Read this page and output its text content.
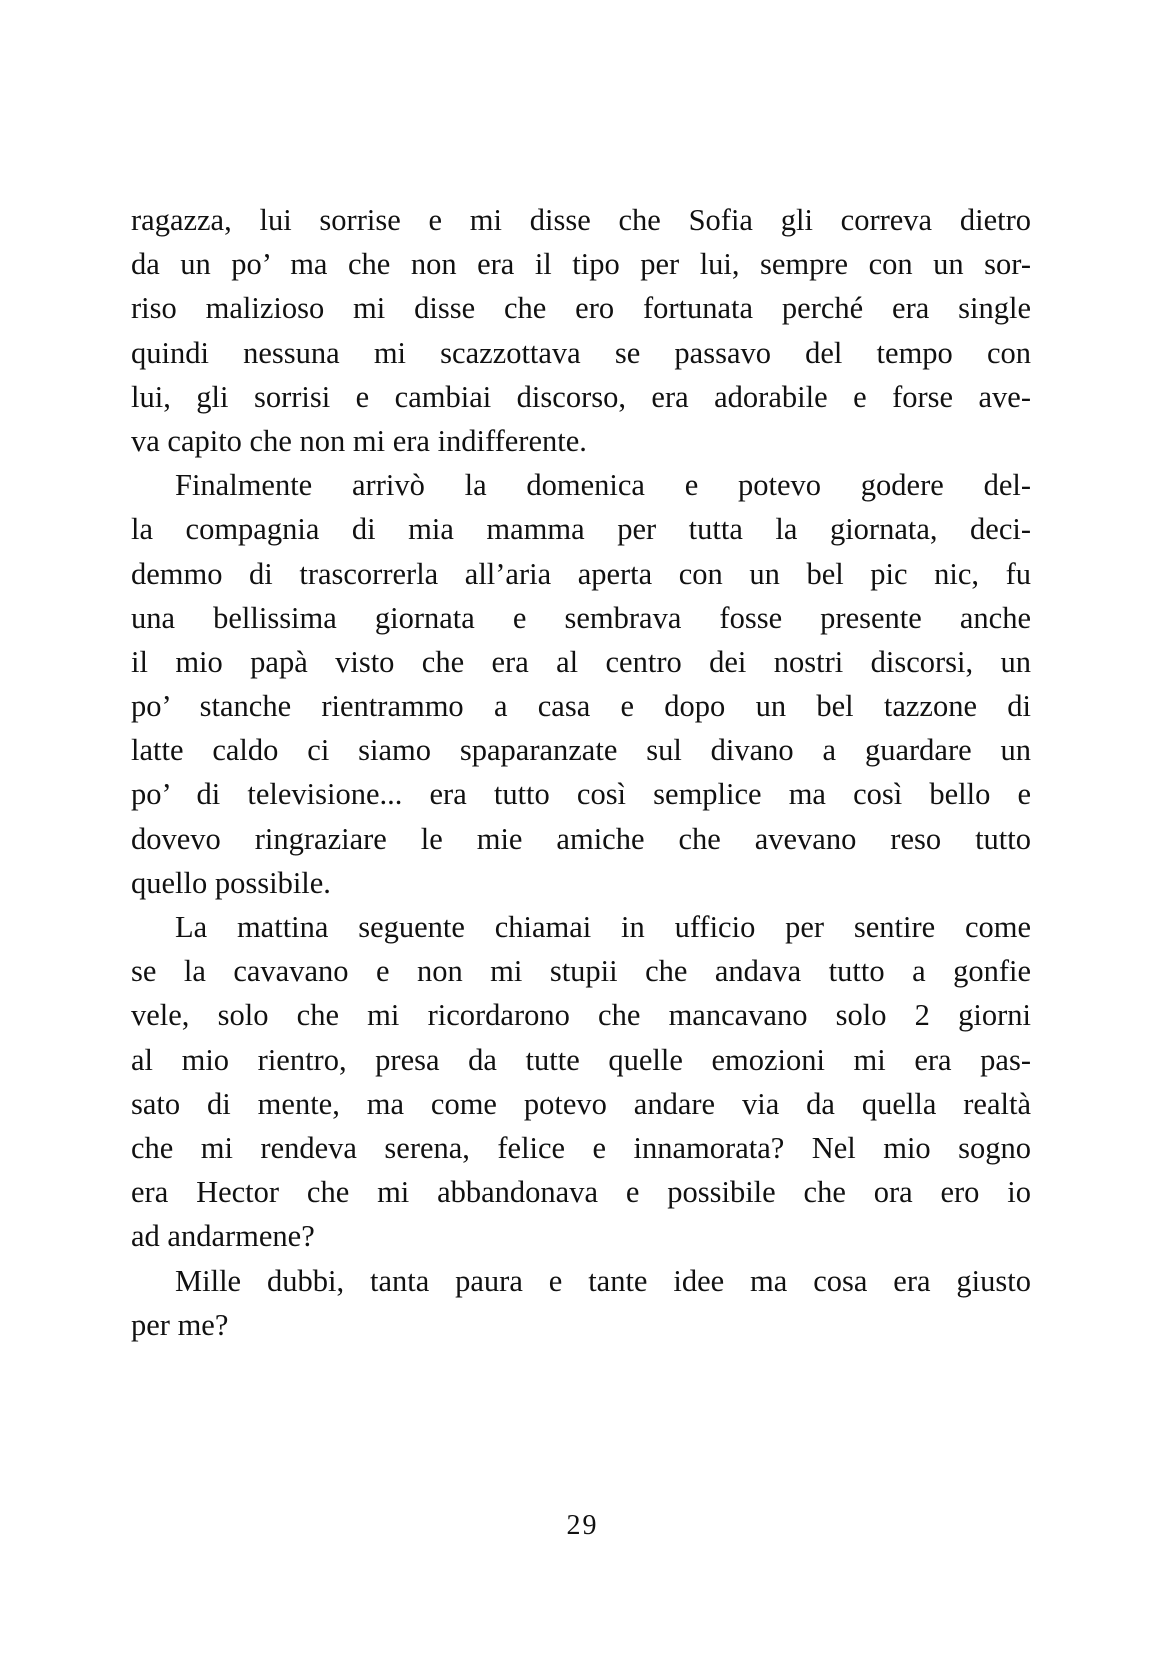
ragazza, lui sorrise e mi disse che Sofia gli correva dietro
da un po’ ma che non era il tipo per lui, sempre con un sor-
riso malizioso mi disse che ero fortunata perché era single
quindi nessuna mi scazzottava se passavo del tempo con
lui, gli sorrisi e cambiai discorso, era adorabile e forse ave-
va capito che non mi era indifferente.
Finalmente arrivò la domenica e potevo godere del-
la compagnia di mia mamma per tutta la giornata, deci-
demmo di trascorrerla all’aria aperta con un bel pic nic, fu
una bellissima giornata e sembrava fosse presente anche
il mio papà visto che era al centro dei nostri discorsi, un
po’ stanche rientrammo a casa e dopo un bel tazzone di
latte caldo ci siamo spaparanzate sul divano a guardare un
po’ di televisione... era tutto così semplice ma così bello e
dovevo ringraziare le mie amiche che avevano reso tutto
quello possibile.
La mattina seguente chiamai in ufficio per sentire come
se la cavavano e non mi stupii che andava tutto a gonfie
vele, solo che mi ricordarono che mancavano solo 2 giorni
al mio rientro, presa da tutte quelle emozioni mi era pas-
sato di mente, ma come potevo andare via da quella realtà
che mi rendeva serena, felice e innamorata? Nel mio sogno
era Hector che mi abbandonava e possibile che ora ero io
ad andarmene?
Mille dubbi, tanta paura e tante idee ma cosa era giusto
per me?
29
